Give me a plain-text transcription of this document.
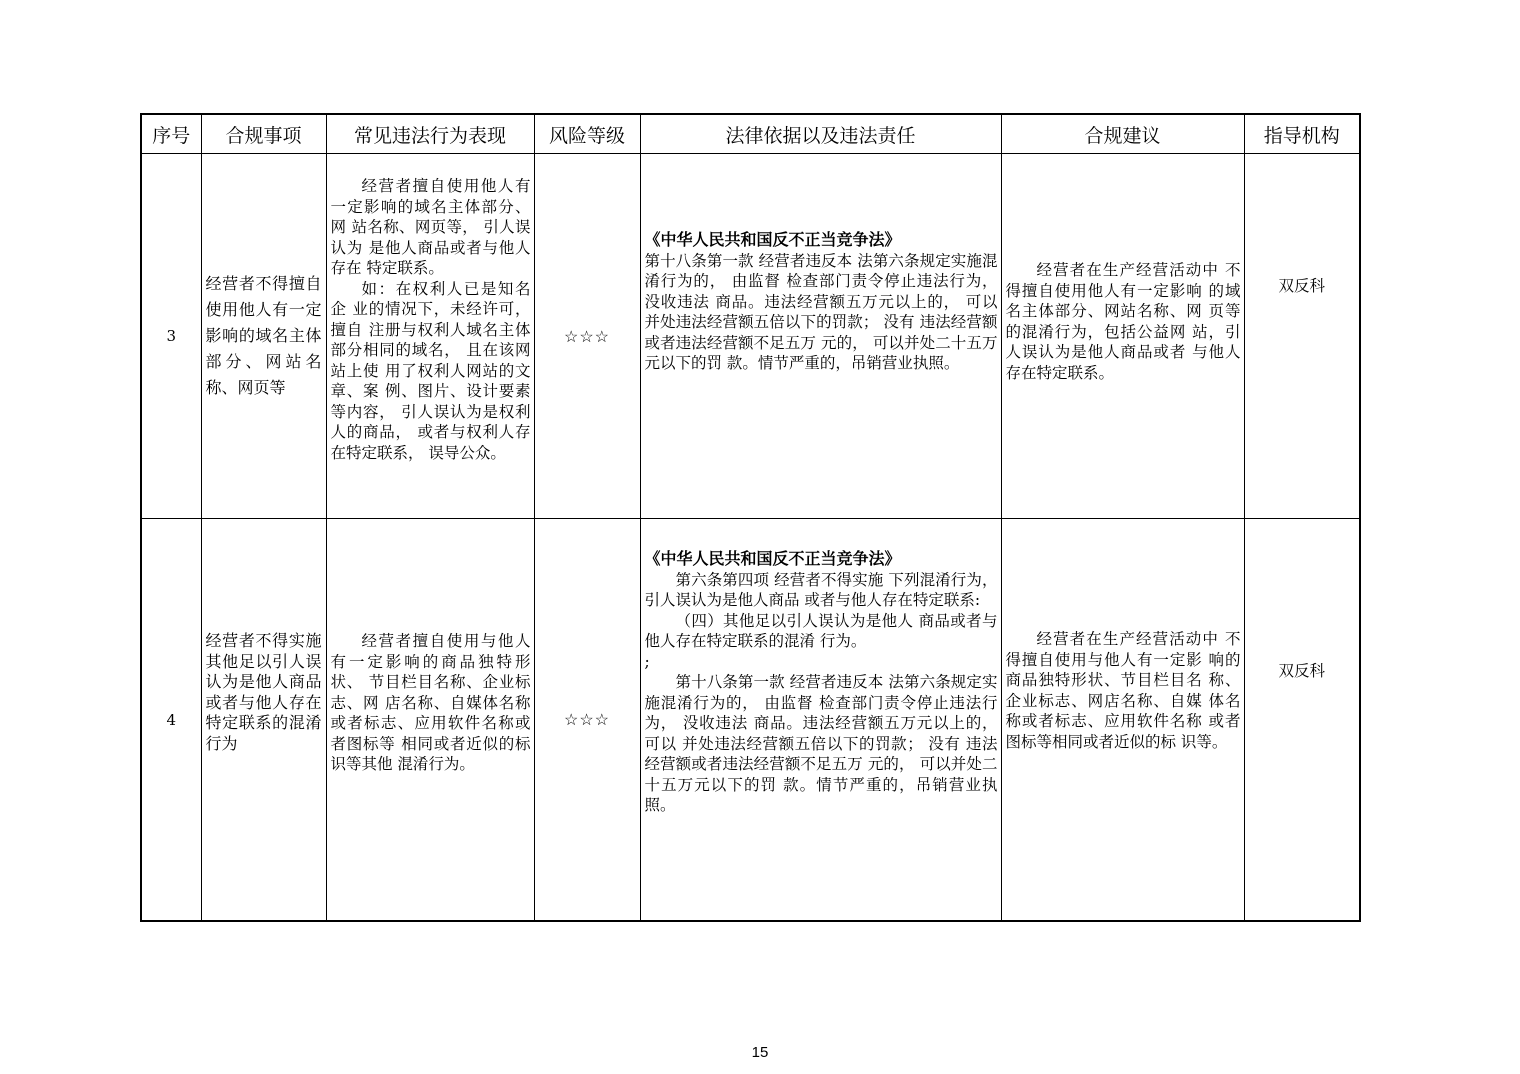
序号	合规事项	常见违法行为表现	风险等级	法律依据以及违法责任	合规建议	指导机构
3	经营者不得擅自使用他人有一定影响的域名主体部分、网站名称、网页等	经营者擅自使用他人有 一定影响的域名主体部分、网 站名称、网页等， 引人误认为 是他人商品或者与他人存在 特定联系。
如：在权利人已是知名企 业的情况下，未经许可， 擅自 注册与权利人域名主体部分相同的域名， 且在该网站上使 用了权利人网站的文章、案 例、图片、设计要素等内容， 引人误认为是权利人的商品， 或者与权利人存在特定联系， 误导公众。	☆☆☆	《中华人民共和国反不正当竞争法》
第十八条第一款 经营者违反本 法第六条规定实施混淆行为的， 由监督 检查部门责令停止违法行为， 没收违法 商品。违法经营额五万元以上的， 可以 并处违法经营额五倍以下的罚款； 没有 违法经营额或者违法经营额不足五万 元的， 可以并处二十五万元以下的罚 款。情节严重的，吊销营业执照。	经营者在生产经营活动中 不得擅自使用他人有一定影响 的域名主体部分、网站名称、网 页等的混淆行为，包括公益网 站，引人误认为是他人商品或者 与他人存在特定联系。	双反科

4	经营者不得实施其他足以引人误认为是他人商品或者与他人存在特定联系的混淆行为	经营者擅自使用与他人 有一定影响的商品独特形状、 节目栏目名称、企业标志、网 店名称、自媒体名称或者标志、应用软件名称或者图标等 相同或者近似的标识等其他 混淆行为。	☆☆☆	《中华人民共和国反不正当竞争法》
第六条第四项 经营者不得实施 下列混淆行为， 引人误认为是他人商品 或者与他人存在特定联系:
（四）其他足以引人误认为是他人 商品或者与他人存在特定联系的混淆 行为。
;
第十八条第一款 经营者违反本 法第六条规定实施混淆行为的， 由监督 检查部门责令停止违法行为， 没收违法 商品。违法经营额五万元以上的， 可以 并处违法经营额五倍以下的罚款； 没有 违法经营额或者违法经营额不足五万 元的， 可以并处二十五万元以下的罚 款。情节严重的，吊销营业执照。	经营者在生产经营活动中 不得擅自使用与他人有一定影 响的商品独特形状、节目栏目名 称、企业标志、网店名称、自媒 体名称或者标志、应用软件名称 或者图标等相同或者近似的标 识等。	双反科
15
